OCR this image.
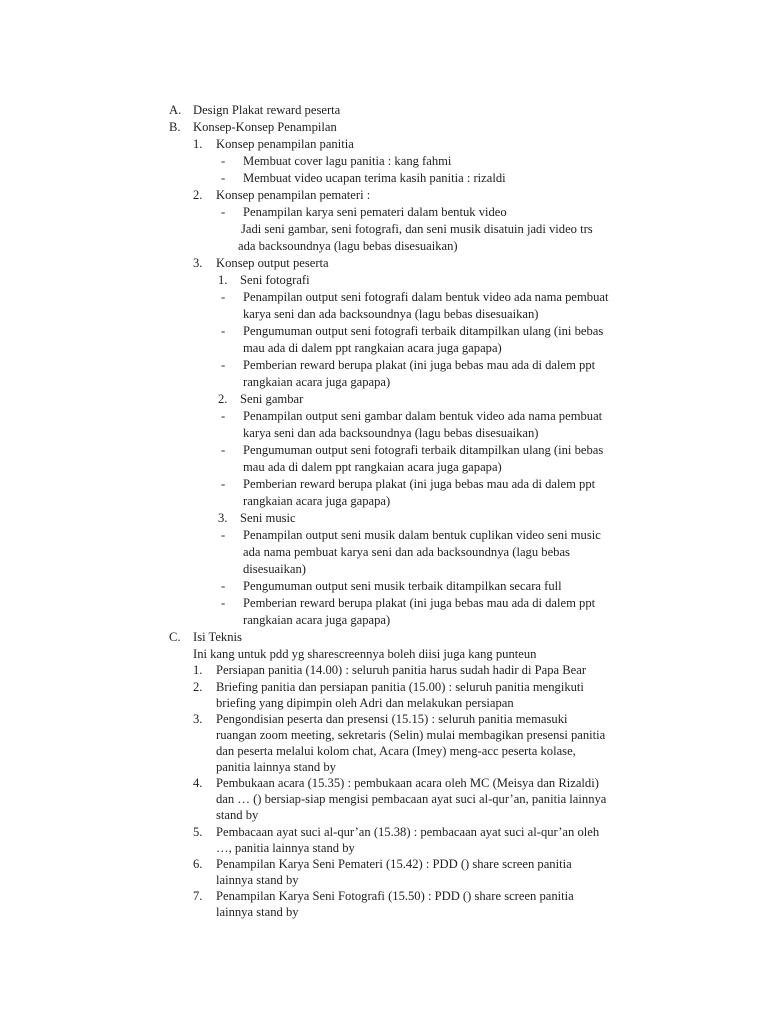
A. Design Plakat reward peserta
B. Konsep-Konsep Penampilan
1. Konsep penampilan panitia
- Membuat cover lagu panitia : kang fahmi
- Membuat video ucapan terima kasih panitia : rizaldi
2. Konsep penampilan pemateri :
- Penampilan karya seni pemateri dalam bentuk video
Jadi seni gambar, seni fotografi, dan seni musik disatuin jadi video trs
ada backsoundnya (lagu bebas disesuaikan)
3. Konsep output peserta
1. Seni fotografi
- Penampilan output seni fotografi dalam bentuk video ada nama pembuat
karya seni dan ada backsoundnya (lagu bebas disesuaikan)
- Pengumuman output seni fotografi terbaik ditampilkan ulang (ini bebas
mau ada di dalem ppt rangkaian acara juga gapapa)
- Pemberian reward berupa plakat (ini juga bebas mau ada di dalem ppt
rangkaian acara juga gapapa)
2. Seni gambar
- Penampilan output seni gambar dalam bentuk video ada nama pembuat
karya seni dan ada backsoundnya (lagu bebas disesuaikan)
- Pengumuman output seni fotografi terbaik ditampilkan ulang (ini bebas
mau ada di dalem ppt rangkaian acara juga gapapa)
- Pemberian reward berupa plakat (ini juga bebas mau ada di dalem ppt
rangkaian acara juga gapapa)
3. Seni music
- Penampilan output seni musik dalam bentuk cuplikan video seni music
ada nama pembuat karya seni dan ada backsoundnya (lagu bebas
disesuaikan)
- Pengumuman output seni musik terbaik ditampilkan secara full
- Pemberian reward berupa plakat (ini juga bebas mau ada di dalem ppt
rangkaian acara juga gapapa)
C. Isi Teknis
Ini kang untuk pdd yg sharescreennya boleh diisi juga kang punteun
1. Persiapan panitia (14.00) : seluruh panitia harus sudah hadir di Papa Bear
2. Briefing panitia dan persiapan panitia (15.00) : seluruh panitia mengikuti
briefing yang dipimpin oleh Adri dan melakukan persiapan
3. Pengondisian peserta dan presensi (15.15) : seluruh panitia memasuki
ruangan zoom meeting, sekretaris (Selin) mulai membagikan presensi panitia
dan peserta melalui kolom chat, Acara (Imey) meng-acc peserta kolase,
panitia lainnya stand by
4. Pembukaan acara (15.35) : pembukaan acara oleh MC (Meisya dan Rizaldi)
dan … () bersiap-siap mengisi pembacaan ayat suci al-qur’an, panitia lainnya
stand by
5. Pembacaan ayat suci al-qur’an (15.38) : pembacaan ayat suci al-qur’an oleh
…, panitia lainnya stand by
6. Penampilan Karya Seni Pemateri (15.42) : PDD () share screen panitia
lainnya stand by
7. Penampilan Karya Seni Fotografi (15.50) : PDD () share screen panitia
lainnya stand by
